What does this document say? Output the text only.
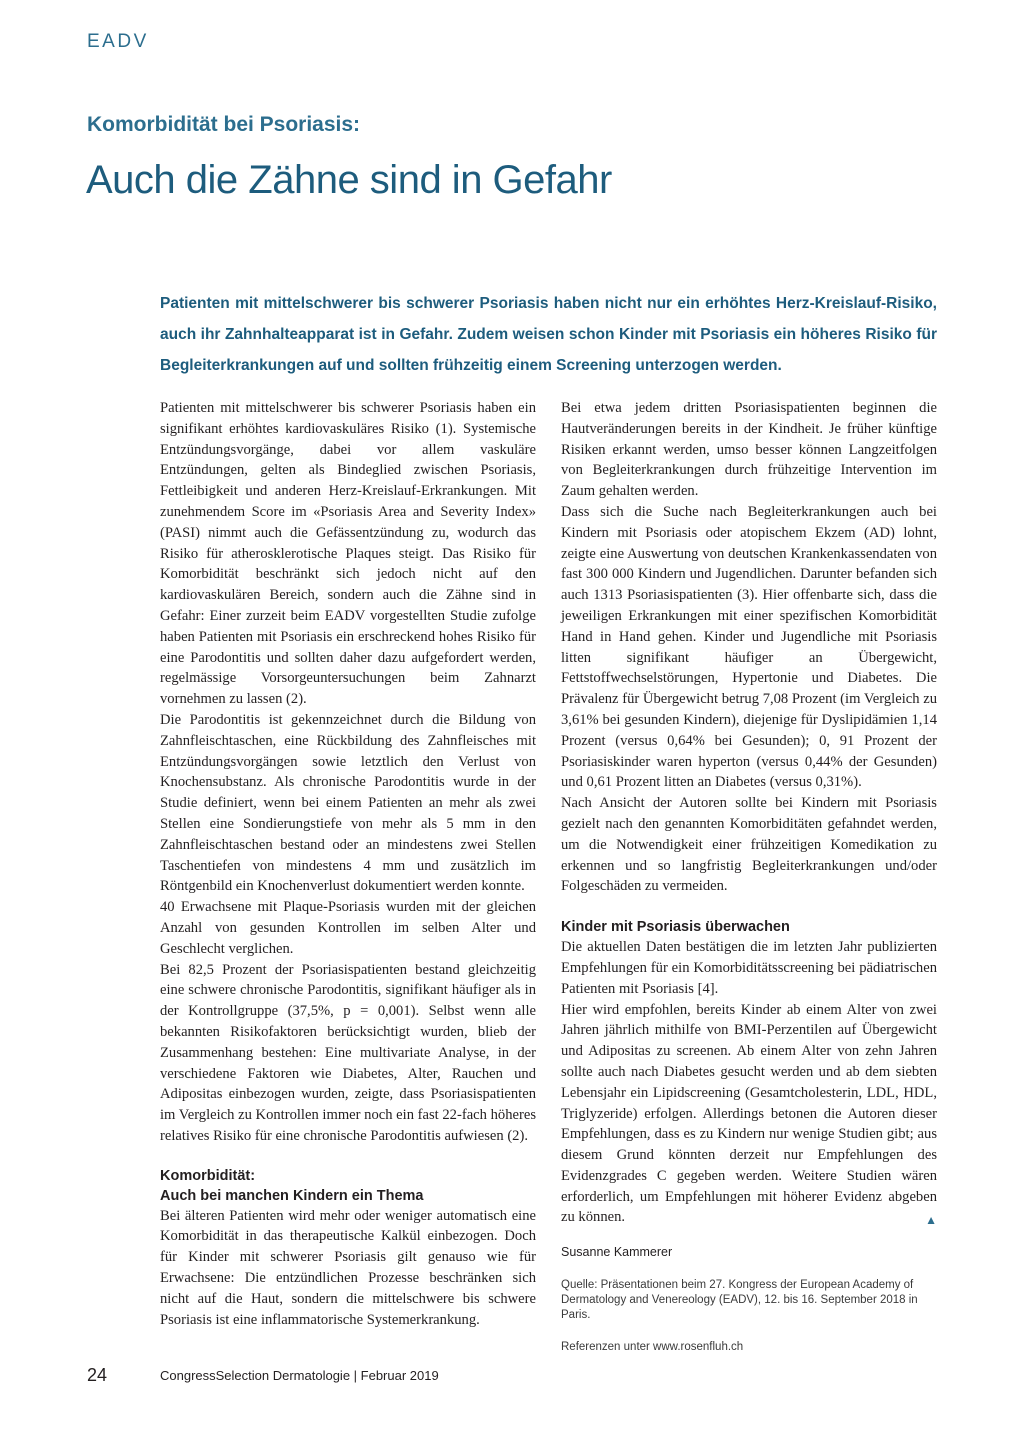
EADV
Komorbidität bei Psoriasis:
Auch die Zähne sind in Gefahr

Patienten mit mittelschwerer bis schwerer Psoriasis haben nicht nur ein erhöhtes Herz-Kreislauf-Risiko, auch ihr Zahnhalteapparat ist in Gefahr. Zudem weisen schon Kinder mit Psoriasis ein höheres Risiko für Begleiterkrankungen auf und sollten frühzeitig einem Screening unterzogen werden.

Patienten mit mittelschwerer bis schwerer Psoriasis haben ein signifikant erhöhtes kardiovaskuläres Risiko (1). Systemische Entzündungsvorgänge, dabei vor allem vaskuläre Entzündungen, gelten als Bindeglied zwischen Psoriasis, Fettleibigkeit und anderen Herz-Kreislauf-Erkrankungen. Mit zunehmendem Score im «Psoriasis Area and Severity Index» (PASI) nimmt auch die Gefässentzündung zu, wodurch das Risiko für atherosklerotische Plaques steigt. Das Risiko für Komorbidität beschränkt sich jedoch nicht auf den kardiovaskulären Bereich, sondern auch die Zähne sind in Gefahr: Einer zurzeit beim EADV vorgestellten Studie zufolge haben Patienten mit Psoriasis ein erschreckend hohes Risiko für eine Parodontitis und sollten daher dazu aufgefordert werden, regelmässige Vorsorgeuntersuchungen beim Zahnarzt vornehmen zu lassen (2).

Die Parodontitis ist gekennzeichnet durch die Bildung von Zahnfleischtaschen, eine Rückbildung des Zahnfleisches mit Entzündungsvorgängen sowie letztlich den Verlust von Knochensubstanz. Als chronische Parodontitis wurde in der Studie definiert, wenn bei einem Patienten an mehr als zwei Stellen eine Sondierungstiefe von mehr als 5 mm in den Zahnfleischtaschen bestand oder an mindestens zwei Stellen Taschentiefen von mindestens 4 mm und zusätzlich im Röntgenbild ein Knochenverlust dokumentiert werden konnte.

40 Erwachsene mit Plaque-Psoriasis wurden mit der gleichen Anzahl von gesunden Kontrollen im selben Alter und Geschlecht verglichen.

Bei 82,5 Prozent der Psoriasispatienten bestand gleichzeitig eine schwere chronische Parodontitis, signifikant häufiger als in der Kontrollgruppe (37,5%, p = 0,001). Selbst wenn alle bekannten Risikofaktoren berücksichtigt wurden, blieb der Zusammenhang bestehen: Eine multivariate Analyse, in der verschiedene Faktoren wie Diabetes, Alter, Rauchen und Adipositas einbezogen wurden, zeigte, dass Psoriasispatienten im Vergleich zu Kontrollen immer noch ein fast 22-fach höheres relatives Risiko für eine chronische Parodontitis aufwiesen (2).

Komorbidität:
Auch bei manchen Kindern ein Thema

Bei älteren Patienten wird mehr oder weniger automatisch eine Komorbidität in das therapeutische Kalkül einbezogen. Doch für Kinder mit schwerer Psoriasis gilt genauso wie für Erwachsene: Die entzündlichen Prozesse beschränken sich nicht auf die Haut, sondern die mittelschwere bis schwere Psoriasis ist eine inflammatorische Systemerkrankung.

Bei etwa jedem dritten Psoriasispatienten beginnen die Hautveränderungen bereits in der Kindheit. Je früher künftige Risiken erkannt werden, umso besser können Langzeitfolgen von Begleiterkrankungen durch frühzeitige Intervention im Zaum gehalten werden.

Dass sich die Suche nach Begleiterkrankungen auch bei Kindern mit Psoriasis oder atopischem Ekzem (AD) lohnt, zeigte eine Auswertung von deutschen Krankenkassendaten von fast 300 000 Kindern und Jugendlichen. Darunter befanden sich auch 1313 Psoriasispatienten (3). Hier offenbarte sich, dass die jeweiligen Erkrankungen mit einer spezifischen Komorbidität Hand in Hand gehen. Kinder und Jugendliche mit Psoriasis litten signifikant häufiger an Übergewicht, Fettstoffwechselstörungen, Hypertonie und Diabetes. Die Prävalenz für Übergewicht betrug 7,08 Prozent (im Vergleich zu 3,61% bei gesunden Kindern), diejenige für Dyslipidämien 1,14 Prozent (versus 0,64% bei Gesunden); 0, 91 Prozent der Psoriasiskinder waren hyperton (versus 0,44% der Gesunden) und 0,61 Prozent litten an Diabetes (versus 0,31%).

Nach Ansicht der Autoren sollte bei Kindern mit Psoriasis gezielt nach den genannten Komorbiditäten gefahndet werden, um die Notwendigkeit einer frühzeitigen Komedikation zu erkennen und so langfristig Begleiterkrankungen und/oder Folgeschäden zu vermeiden.

Kinder mit Psoriasis überwachen

Die aktuellen Daten bestätigen die im letzten Jahr publizierten Empfehlungen für ein Komorbiditätsscreening bei pädiatrischen Patienten mit Psoriasis [4].

Hier wird empfohlen, bereits Kinder ab einem Alter von zwei Jahren jährlich mithilfe von BMI-Perzentilen auf Übergewicht und Adipositas zu screenen. Ab einem Alter von zehn Jahren sollte auch nach Diabetes gesucht werden und ab dem siebten Lebensjahr ein Lipidscreening (Gesamtcholesterin, LDL, HDL, Triglyzeride) erfolgen. Allerdings betonen die Autoren dieser Empfehlungen, dass es zu Kindern nur wenige Studien gibt; aus diesem Grund könnten derzeit nur Empfehlungen des Evidenzgrades C gegeben werden. Weitere Studien wären erforderlich, um Empfehlungen mit höherer Evidenz abgeben zu können.	▲

Susanne Kammerer
Quelle: Präsentationen beim 27. Kongress der European Academy of Dermatology and Venereology (EADV), 12. bis 16. September 2018 in Paris.
Referenzen unter www.rosenfluh.ch
24	CongressSelection Dermatologie | Februar 2019
